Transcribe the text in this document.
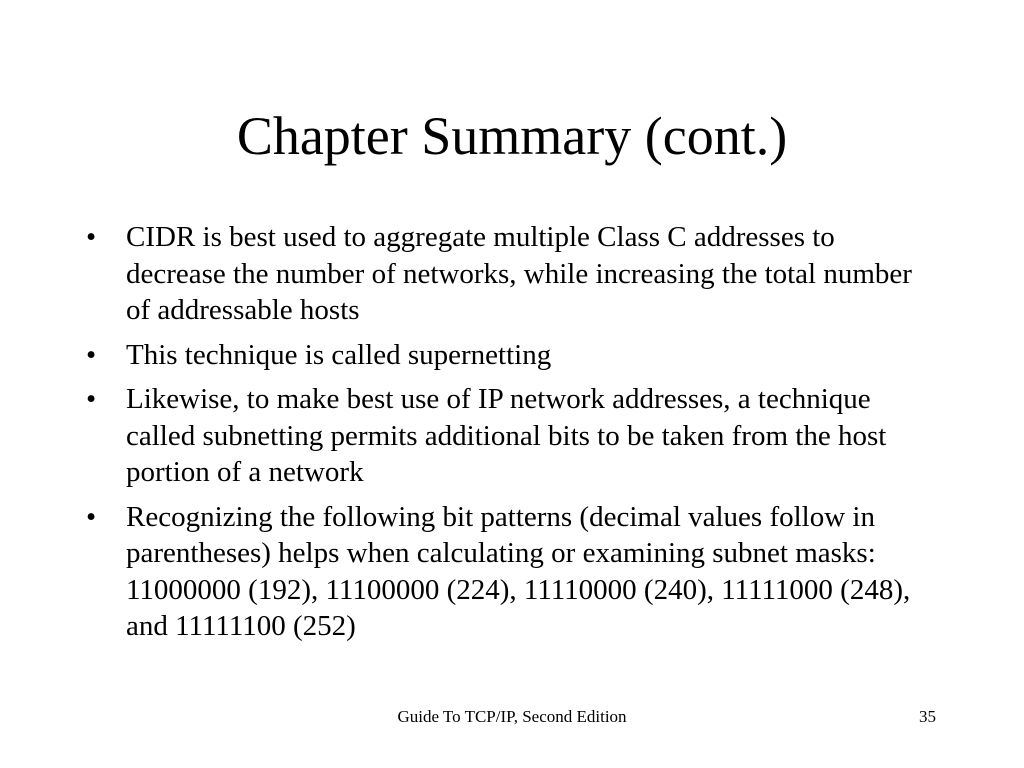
Chapter Summary (cont.)
•	CIDR is best used to aggregate multiple Class C addresses to decrease the number of networks, while increasing the total number of addressable hosts
•	This technique is called supernetting
•	Likewise, to make best use of IP network addresses, a technique called subnetting permits additional bits to be taken from the host portion of a network
•	Recognizing the following bit patterns (decimal values follow in parentheses) helps when calculating or examining subnet masks: 11000000 (192), 11100000 (224), 11110000 (240), 11111000 (248), and 11111100 (252)
Guide To TCP/IP, Second Edition	35
